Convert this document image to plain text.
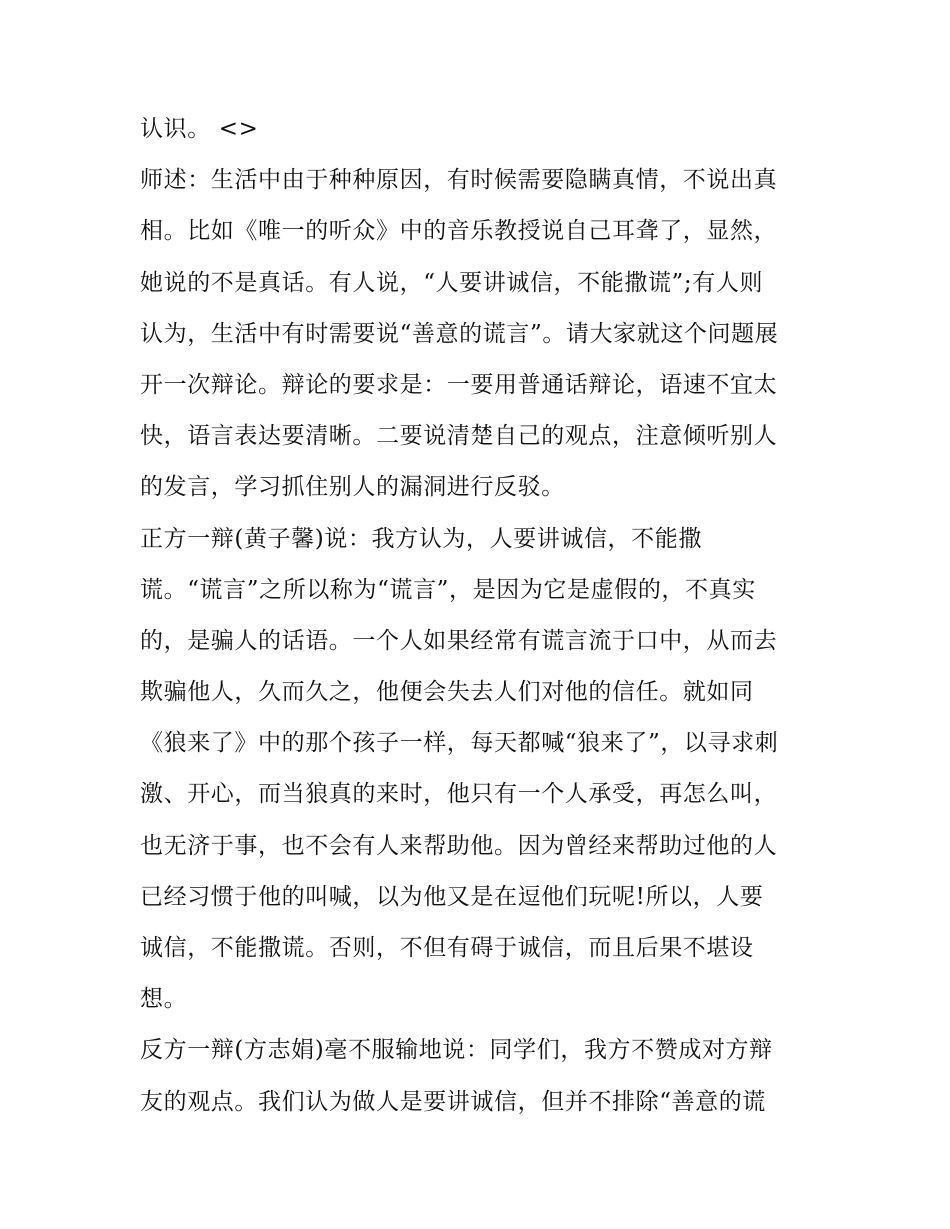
认识。 <>
师述：生活中由于种种原因，有时候需要隐瞒真情，不说出真
相。比如《唯一的听众》中的音乐教授说自己耳聋了，显然，
她说的不是真话。有人说，“人要讲诚信，不能撒谎”;有人则
认为，生活中有时需要说“善意的谎言”。请大家就这个问题展
开一次辩论。辩论的要求是：一要用普通话辩论，语速不宜太
快，语言表达要清晰。二要说清楚自己的观点，注意倾听别人
的发言，学习抓住别人的漏洞进行反驳。
正方一辩(黄子馨)说：我方认为，人要讲诚信，不能撒
谎。“谎言”之所以称为“谎言”，是因为它是虚假的，不真实
的，是骗人的话语。一个人如果经常有谎言流于口中，从而去
欺骗他人，久而久之，他便会失去人们对他的信任。就如同
《狼来了》中的那个孩子一样，每天都喊“狼来了”，以寻求刺
激、开心，而当狼真的来时，他只有一个人承受，再怎么叫，
也无济于事，也不会有人来帮助他。因为曾经来帮助过他的人
已经习惯于他的叫喊，以为他又是在逗他们玩呢!所以，人要
诚信，不能撒谎。否则，不但有碍于诚信，而且后果不堪设
想。
反方一辩(方志娟)毫不服输地说：同学们，我方不赞成对方辩
友的观点。我们认为做人是要讲诚信，但并不排除“善意的谎
